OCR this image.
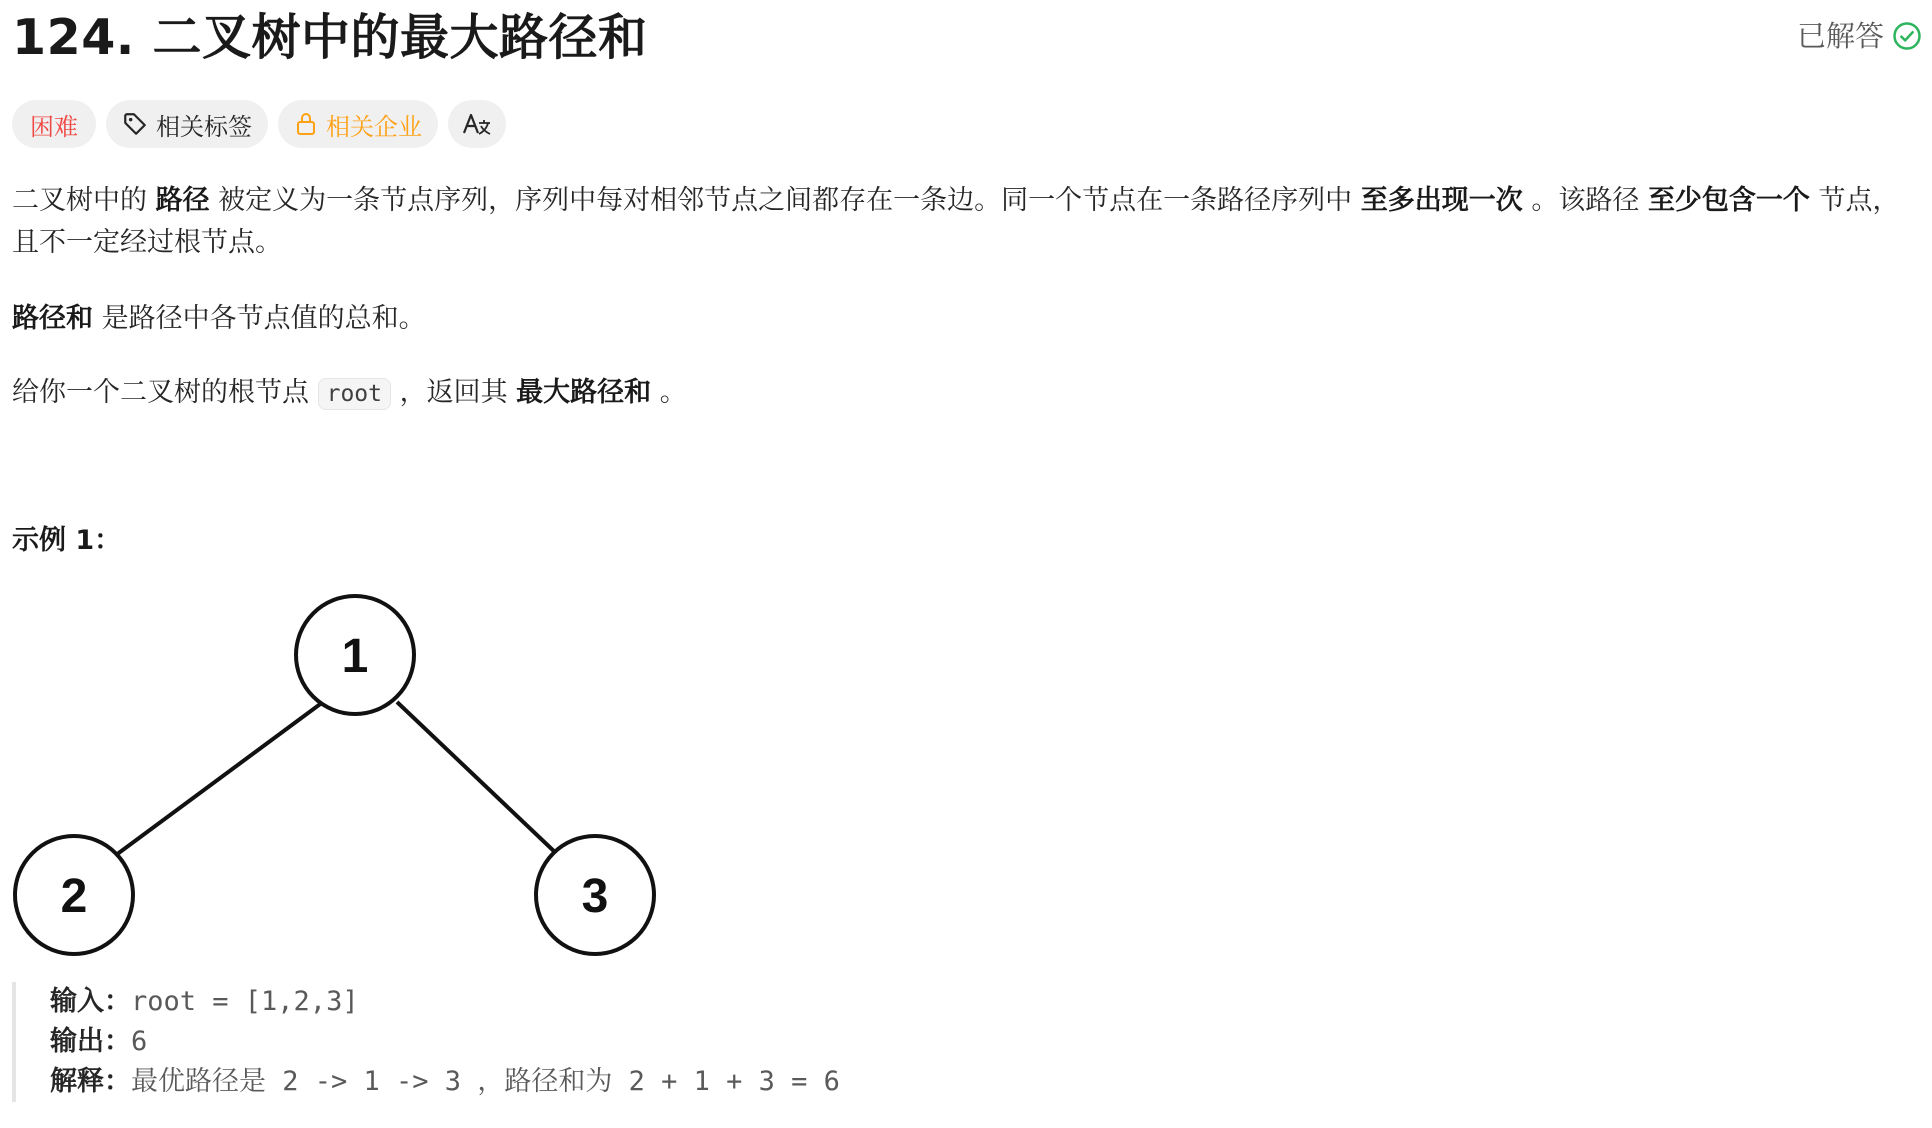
124. 二叉树中的最大路径和	已解答
困难	相关标签	相关企业
二叉树中的 路径 被定义为一条节点序列，序列中每对相邻节点之间都存在一条边。同一个节点在一条路径序列中 至多出现一次 。该路径 至少包含一个 节点，且不一定经过根节点。
路径和 是路径中各节点值的总和。
给你一个二叉树的根节点 root ，返回其 最大路径和 。
示例 1：
1
2	3
输入：root = [1,2,3]
输出：6
解释：最优路径是 2 -> 1 -> 3 ，路径和为 2 + 1 + 3 = 6
